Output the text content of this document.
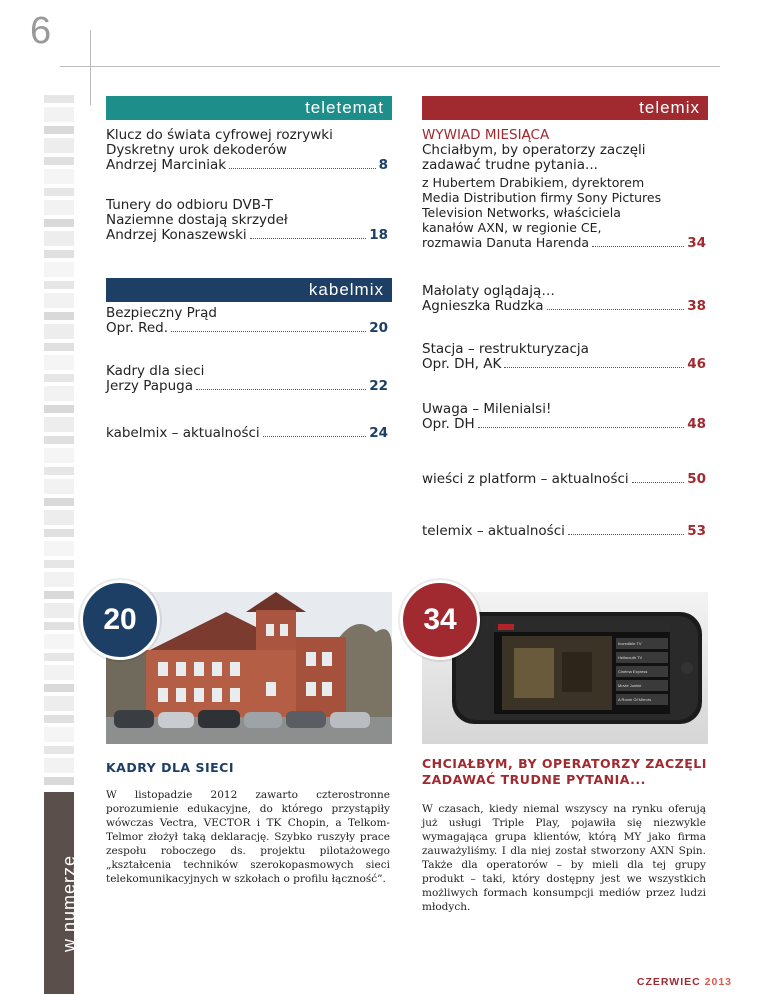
6
w numerze
teletemat
Klucz do świata cyfrowej rozrywki
Dyskretny urok dekoderów
Andrzej Marciniak	8
Tunery do odbioru DVB-T
Naziemne dostają skrzydeł
Andrzej Konaszewski	18
kabelmix
Bezpieczny Prąd
Opr. Red.	20
Kadry dla sieci
Jerzy Papuga	22
kabelmix – aktualności	24
telemix
WYWIAD MIESIĄCA
Chciałbym, by operatorzy zaczęli
zadawać trudne pytania...
z Hubertem Drabikiem, dyrektorem
Media Distribution firmy Sony Pictures
Television Networks, właściciela
kanałów AXN, w regionie CE,
rozmawia Danuta Harenda	34
Małolaty oglądają…
Agnieszka Rudzka	38
Stacja – restrukturyzacja
Opr. DH, AK	46
Uwaga – Milenialsi!
Opr. DH	48
wieści z platform – aktualności	50
telemix – aktualności	53
20
Incredible TV
Hellmouth TV
Cinéma Express
Movie Junkie
A Room Of Mirrors
34
KADRY DLA SIECI
W listopadzie 2012 zawarto czterostronne porozumienie edukacyjne, do którego przystąpiły wówczas Vectra, VECTOR i TK Chopin, a Telkom-Telmor złożył taką deklarację. Szybko ruszyły prace zespołu roboczego ds. projektu pilotażowego „kształcenia techników szerokopasmowych sieci telekomunikacyjnych w szkołach o profilu łączność”.
CHCIAŁBYM, BY OPERATORZY ZACZĘLI
ZADAWAĆ TRUDNE PYTANIA...
W czasach, kiedy niemal wszyscy na rynku oferują już usługi Triple Play, pojawiła się niezwykle wymagająca grupa klientów, którą MY jako firma zauważyliśmy. I dla niej został stworzony AXN Spin. Także dla operatorów – by mieli dla tej grupy produkt – taki, który dostępny jest we wszystkich możliwych formach konsumpcji mediów przez ludzi młodych.
CZERWIEC 2013
